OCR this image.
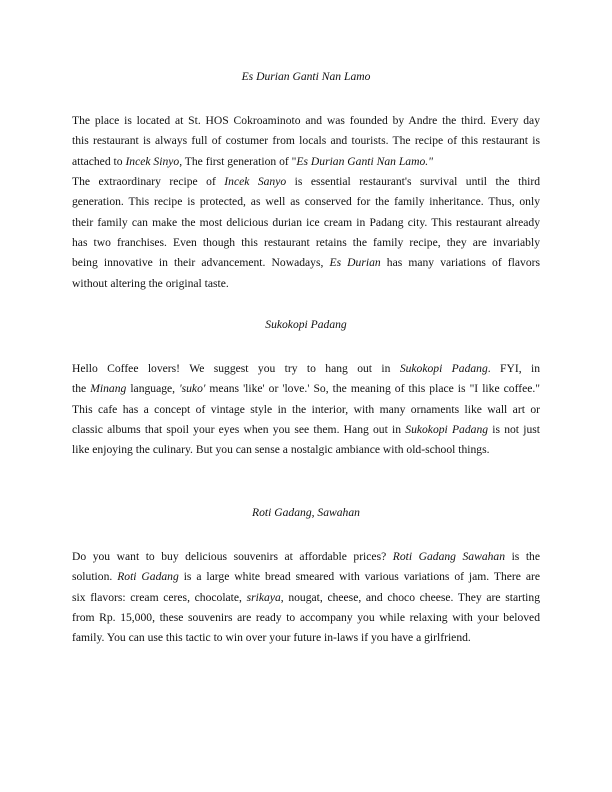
Es Durian Ganti Nan Lamo
The place is located at St. HOS Cokroaminoto and was founded by Andre the third. Every day
this restaurant is always full of costumer from locals and tourists. The recipe of this restaurant is
attached to Incek Sinyo, The first generation of "Es Durian Ganti Nan Lamo."
The extraordinary recipe of Incek Sanyo is essential restaurant's survival until the third
generation. This recipe is protected, as well as conserved for the family inheritance. Thus, only
their family can make the most delicious durian ice cream in Padang city. This restaurant already
has two franchises. Even though this restaurant retains the family recipe, they are invariably
being innovative in their advancement. Nowadays, Es Durian has many variations of flavors
without altering the original taste.
Sukokopi Padang
Hello Coffee lovers! We suggest you try to hang out in Sukokopi Padang. FYI, in
the Minang language, 'suko' means 'like' or 'love.' So, the meaning of this place is "I like coffee."
This cafe has a concept of vintage style in the interior, with many ornaments like wall art or
classic albums that spoil your eyes when you see them. Hang out in Sukokopi Padang is not just
like enjoying the culinary. But you can sense a nostalgic ambiance with old-school things.
Roti Gadang, Sawahan
Do you want to buy delicious souvenirs at affordable prices? Roti Gadang Sawahan is the
solution. Roti Gadang is a large white bread smeared with various variations of jam. There are
six flavors: cream ceres, chocolate, srikaya, nougat, cheese, and choco cheese. They are starting
from Rp. 15,000, these souvenirs are ready to accompany you while relaxing with your beloved
family. You can use this tactic to win over your future in-laws if you have a girlfriend.
